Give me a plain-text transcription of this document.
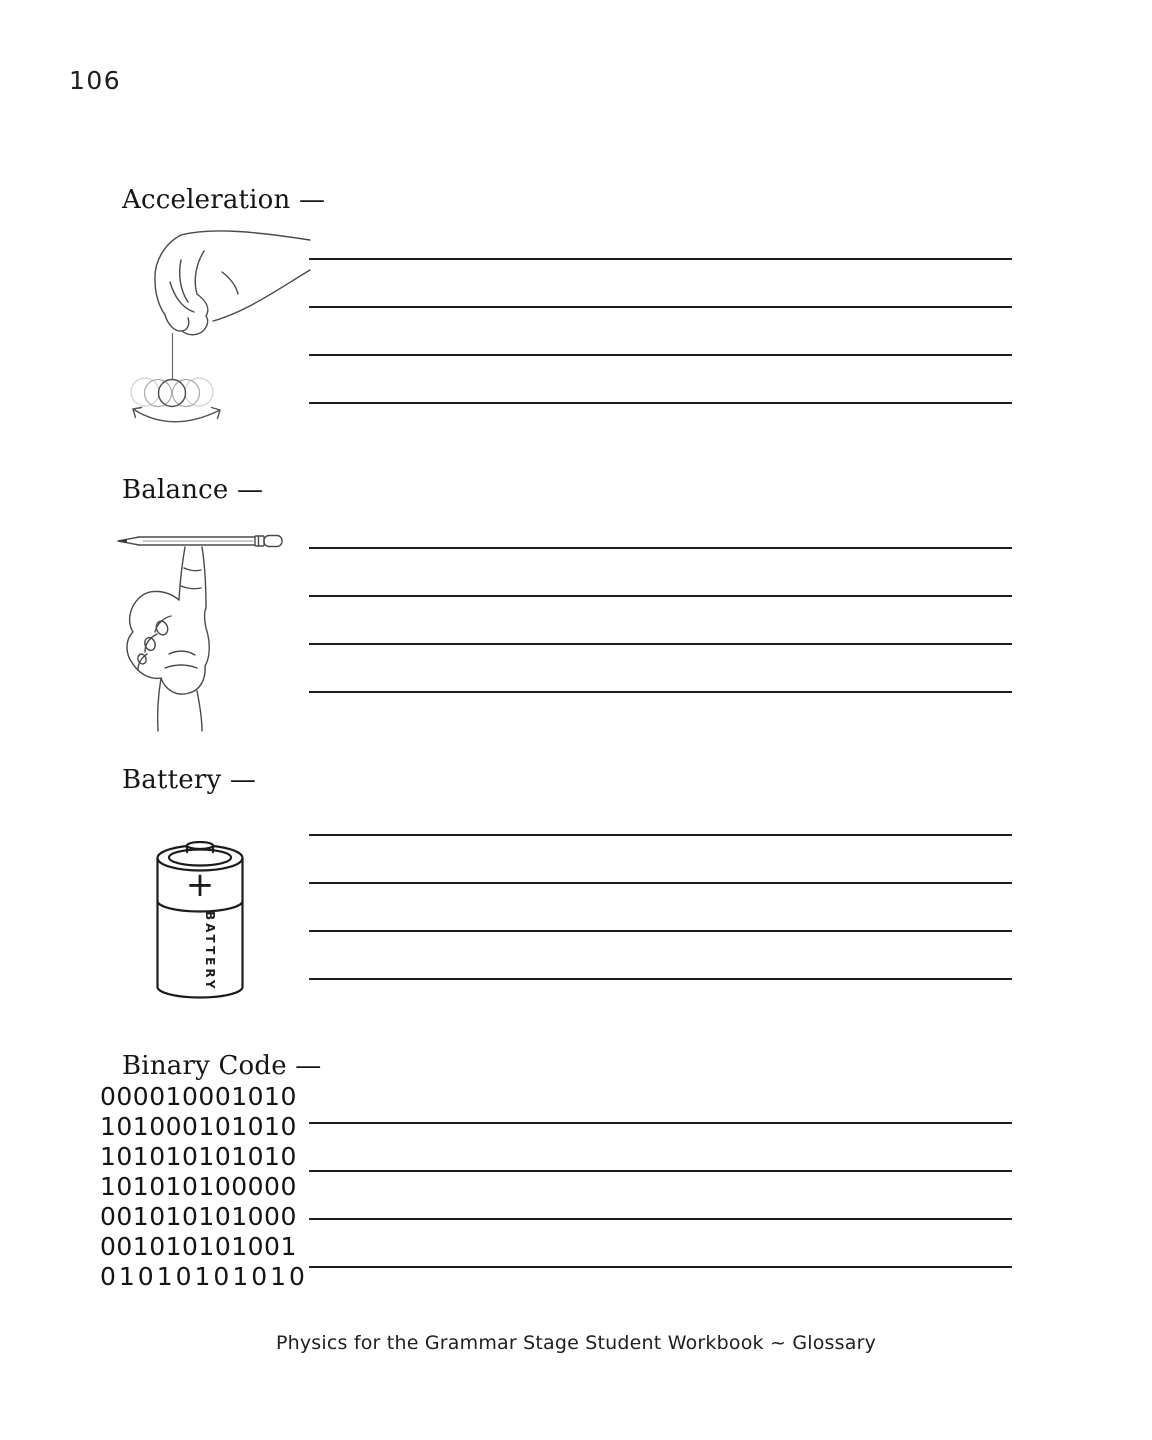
106
Acceleration —
Balance —
Battery —
+
BATTERY
Binary Code —
000010001010
101000101010
101010101010
101010100000
001010101000
001010101001
01010101010
Physics for the Grammar Stage Student Workbook ~ Glossary
